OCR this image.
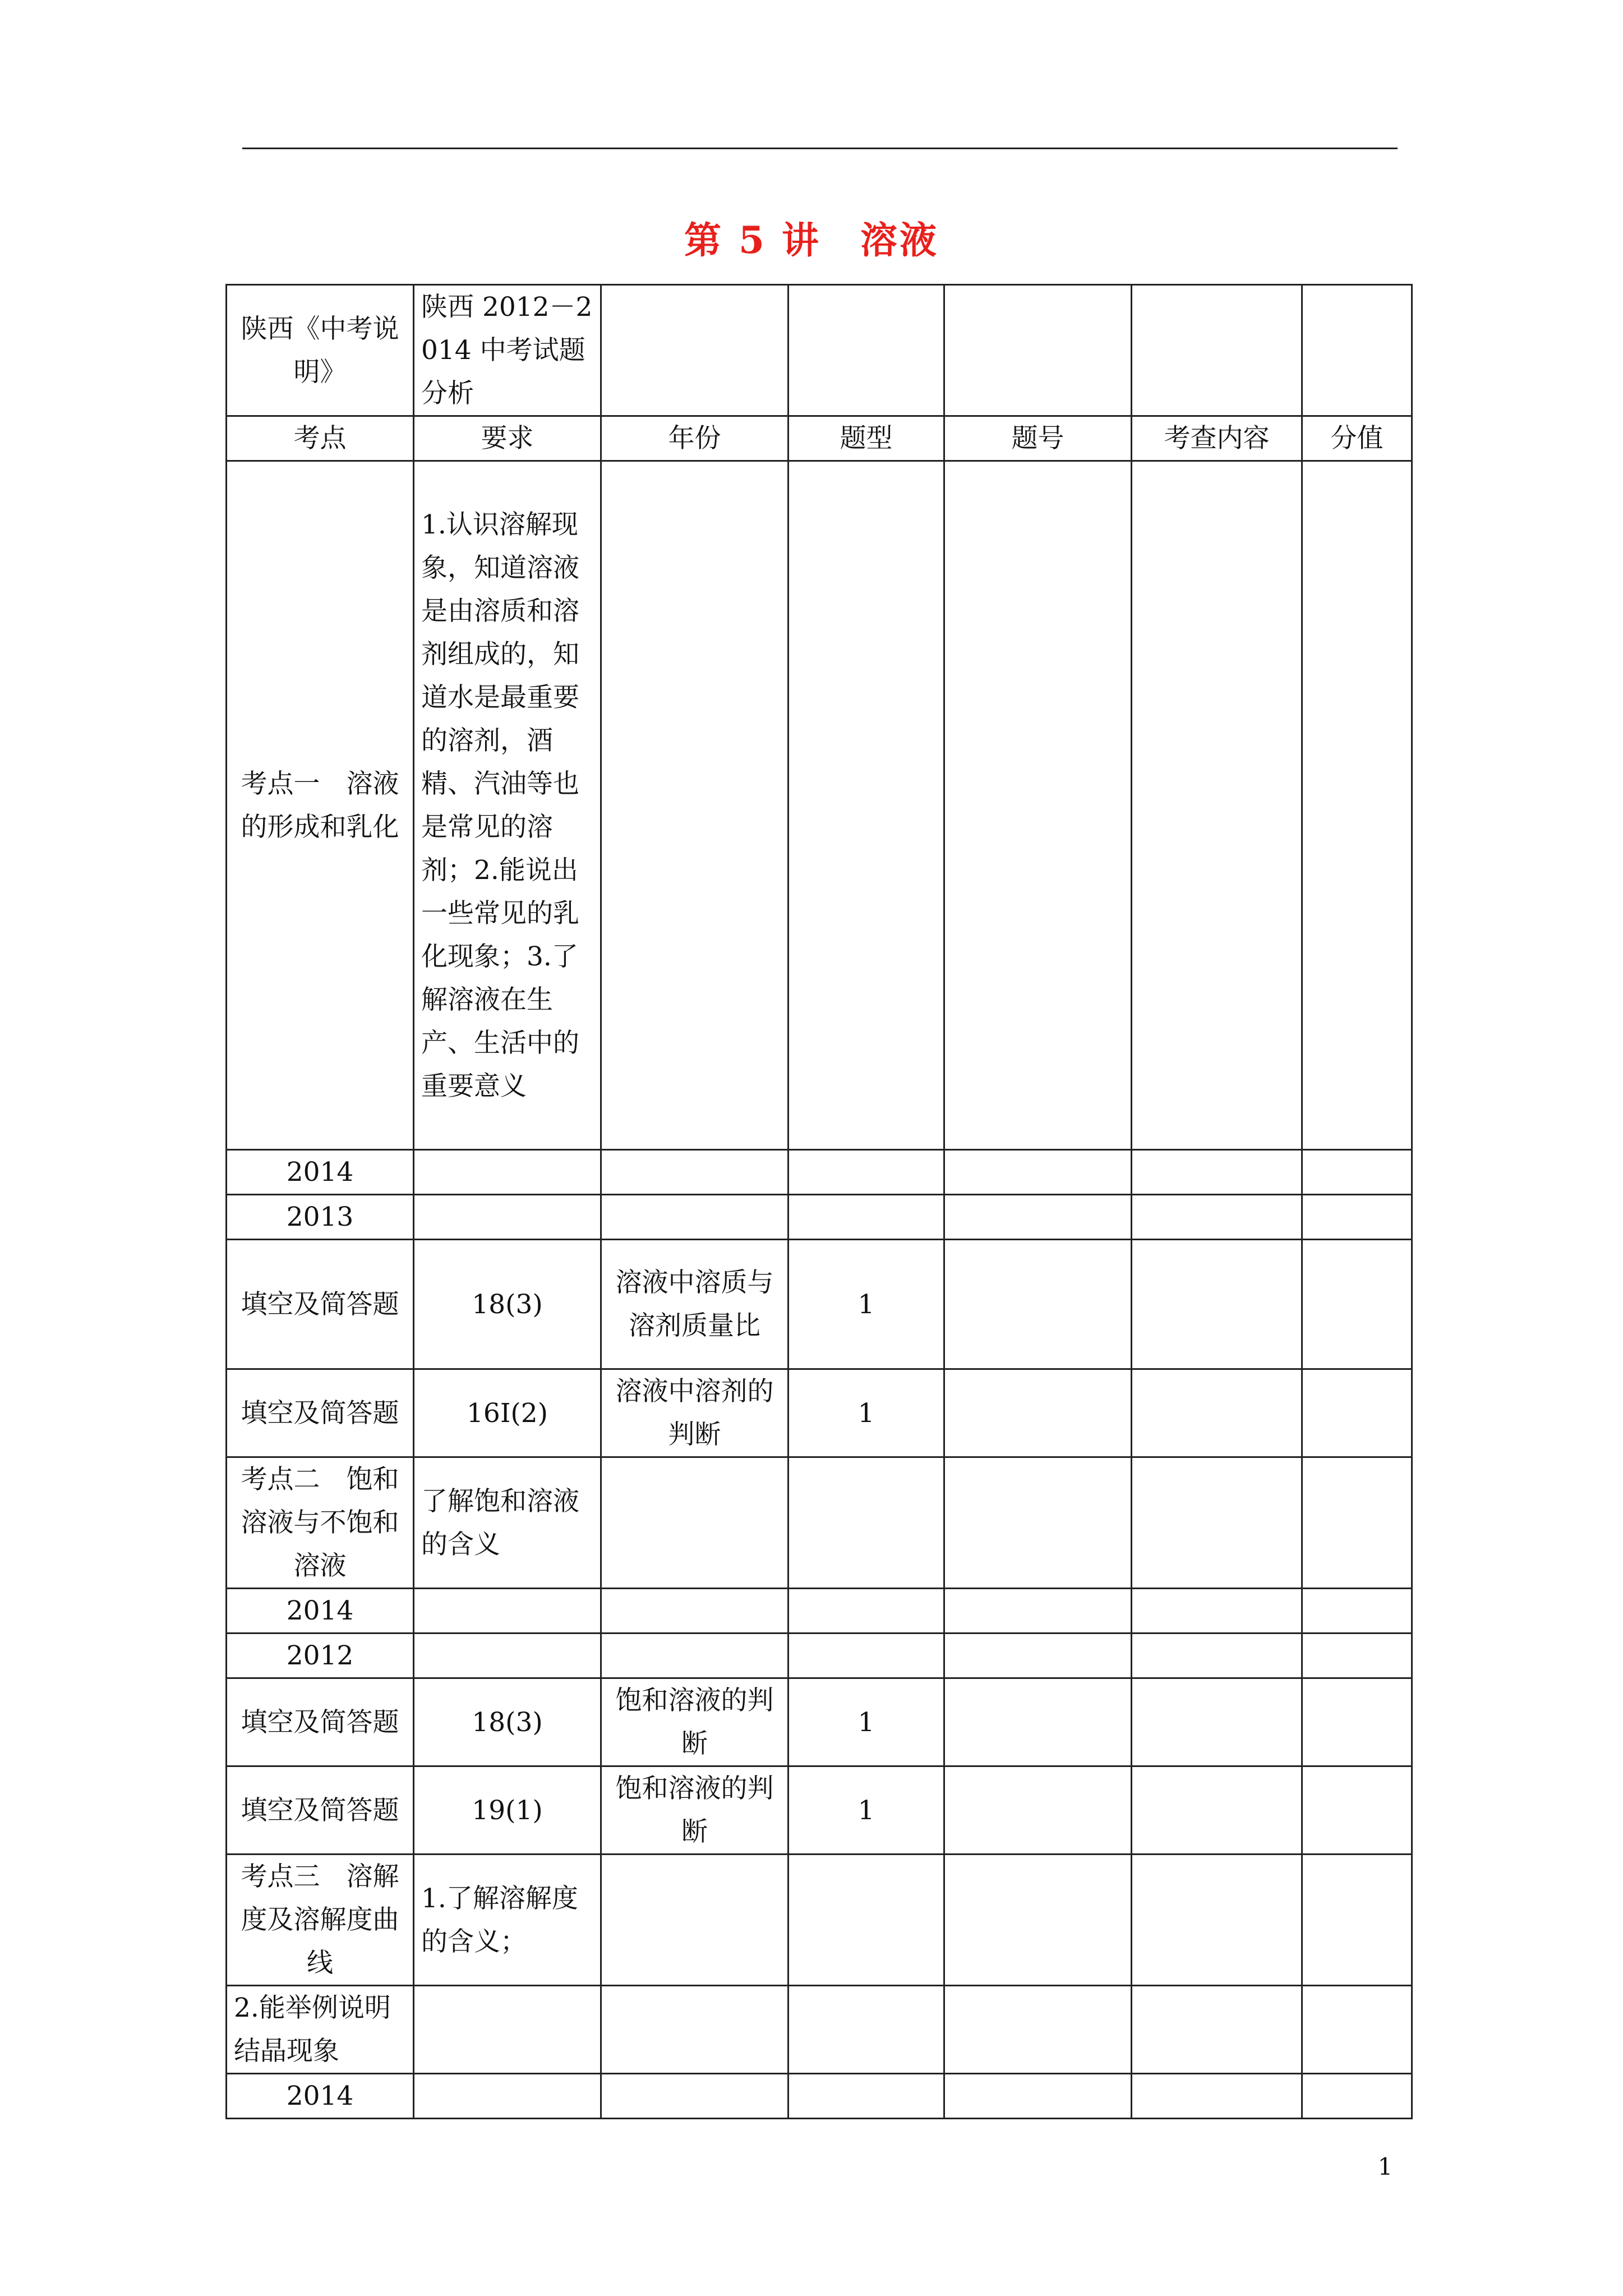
第 5 讲　溶液
陕西《中考说明》	陕西 2012－2014 中考试题分析					
考点	要求	年份	题型	题号	考查内容	分值
考点一　溶液的形成和乳化	1.认识溶解现象，知道溶液是由溶质和溶剂组成的，知道水是最重要的溶剂，酒精、汽油等也是常见的溶剂；2.能说出一些常见的乳化现象；3.了解溶液在生产、生活中的重要意义					
2014						
2013						
填空及简答题	18(3)	溶液中溶质与溶剂质量比	1			
填空及简答题	16Ⅰ(2)	溶液中溶剂的判断	1			
考点二　饱和溶液与不饱和溶液	了解饱和溶液的含义					
2014						
2012						
填空及简答题	18(3)	饱和溶液的判断	1			
填空及简答题	19(1)	饱和溶液的判断	1			
考点三　溶解度及溶解度曲线	1.了解溶解度的含义；					
2.能举例说明结晶现象						
2014						
1
